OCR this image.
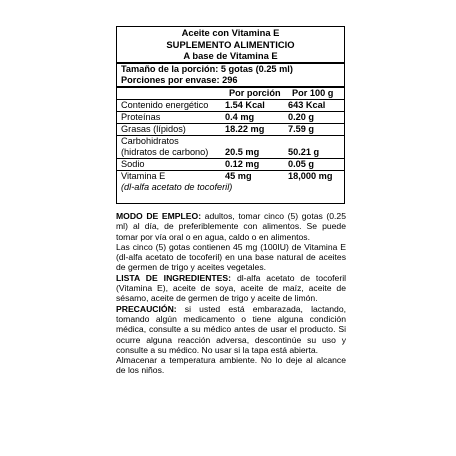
Aceite con Vitamina E
SUPLEMENTO ALIMENTICIO
A base de Vitamina E
Tamaño de la porción: 5 gotas (0.25 ml)
Porciones por envase: 296
Por porción Por 100 g
Contenido energético 1.54 Kcal	643 Kcal
Proteínas	0.4 mg	0.20 g
Grasas (lípidos)	18.22 mg	7.59 g
Carbohidratos
(hidratos de carbono) 20.5 mg	50.21 g
Sodio	0.12 mg	0.05 g
Vitamina E	45 mg	18,000 mg
(dl-alfa acetato de tocoferil)

MODO DE EMPLEO: adultos, tomar cinco (5) gotas (0.25 ml) al día, de preferiblemente con alimentos. Se puede tomar por vía oral o en agua, caldo o en alimentos.

Las cinco (5) gotas contienen 45 mg (100IU) de Vitamina E (dl-alfa acetato de tocoferil) en una base natural de aceites de germen de trigo y aceites vegetales.

LISTA DE INGREDIENTES: dl-alfa acetato de tocoferil (Vitamina E), aceite de soya, aceite de maíz, aceite de sésamo, aceite de germen de trigo y aceite de limón.

PRECAUCIÓN: si usted está embarazada, lactando, tomando algún medicamento o tiene alguna condición médica, consulte a su médico antes de usar el producto. Si ocurre alguna reacción adversa, descontinúe su uso y consulte a su médico. No usar si la tapa está abierta.

Almacenar a temperatura ambiente. No lo deje al alcance de los niños.
